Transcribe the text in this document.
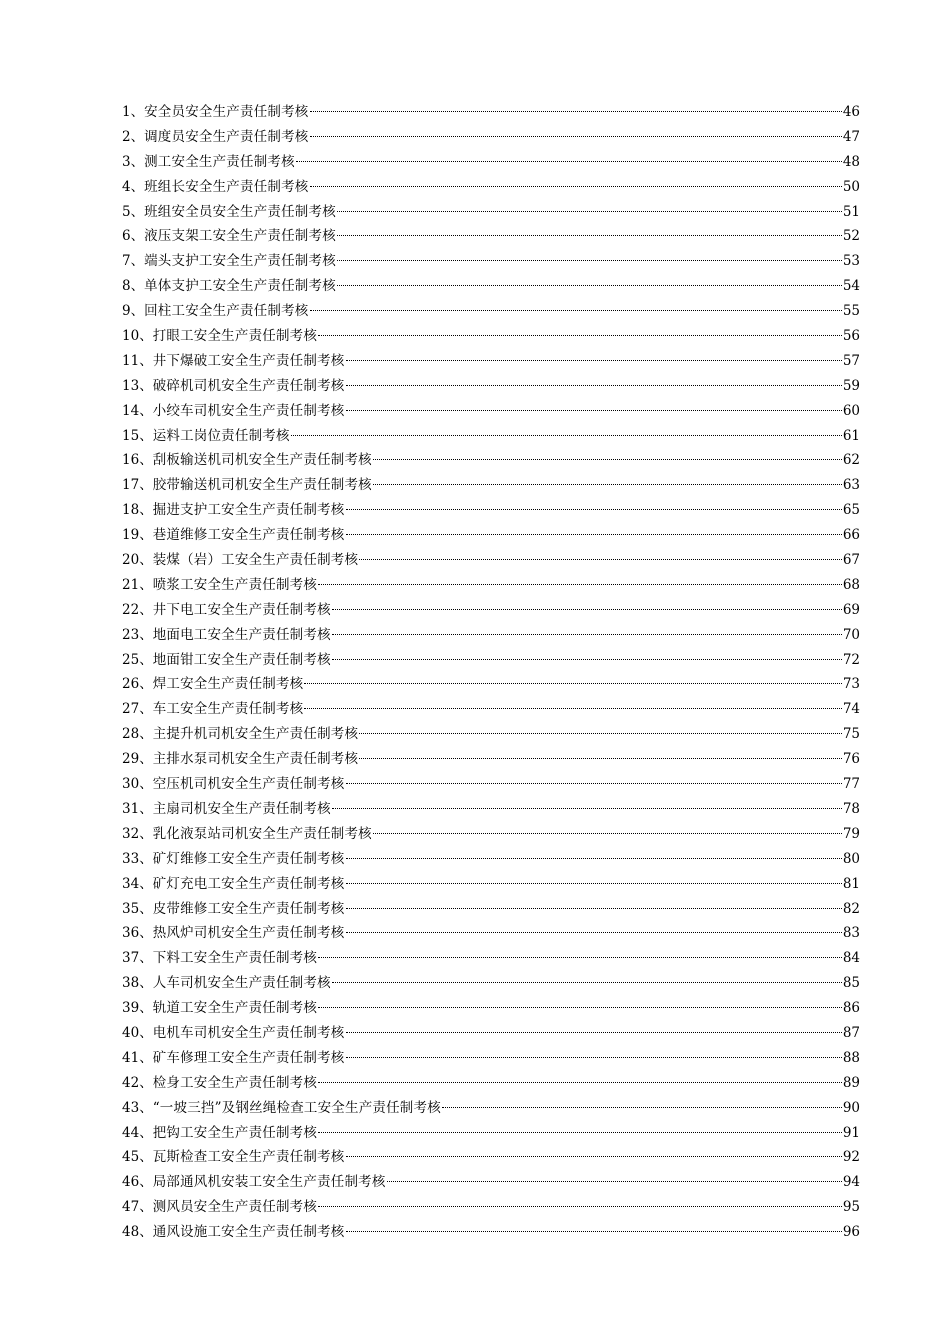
1 、 安全员安全生产责任制考核	46
2 、 调度员安全生产责任制考核	47
3 、 测工安全生产责任制考核	48
4 、 班组长安全生产责任制考核	50
5 、 班组安全员安全生产责任制考核	51
6 、 液压支架工安全生产责任制考核	52
7 、 端头支护工安全生产责任制考核	53
8 、 单体支护工安全生产责任制考核	54
9 、 回柱工安全生产责任制考核	55
10 、 打眼工安全生产责任制考核	56
11 、 井下爆破工安全生产责任制考核	57
13 、 破碎机司机安全生产责任制考核	59
14 、 小绞车司机安全生产责任制考核	60
15 、 运料工岗位责任制考核	61
16 、 刮板输送机司机安全生产责任制考核	62
17 、 胶带输送机司机安全生产责任制考核	63
18 、 掘进支护工安全生产责任制考核	65
19 、 巷道维修工安全生产责任制考核	66
20 、 装煤（岩）工安全生产责任制考核	67
21 、 喷浆工安全生产责任制考核	68
22 、 井下电工安全生产责任制考核	69
23 、 地面电工安全生产责任制考核	70
25 、 地面钳工安全生产责任制考核	72
26 、 焊工安全生产责任制考核	73
27 、 车工安全生产责任制考核	74
28 、 主提升机司机安全生产责任制考核	75
29 、 主排水泵司机安全生产责任制考核	76
30 、 空压机司机安全生产责任制考核	77
31 、 主扇司机安全生产责任制考核	78
32 、 乳化液泵站司机安全生产责任制考核	79
33 、 矿灯维修工安全生产责任制考核	80
34 、 矿灯充电工安全生产责任制考核	81
35 、 皮带维修工安全生产责任制考核	82
36 、 热风炉司机安全生产责任制考核	83
37 、 下料工安全生产责任制考核	84
38 、 人车司机安全生产责任制考核	85
39 、 轨道工安全生产责任制考核	86
40 、 电机车司机安全生产责任制考核	87
41 、 矿车修理工安全生产责任制考核	88
42 、 检身工安全生产责任制考核	89
43 、 “一坡三挡”及钢丝绳检查工安全生产责任制考核	90
44 、 把钩工安全生产责任制考核	91
45 、 瓦斯检查工安全生产责任制考核	92
46 、 局部通风机安装工安全生产责任制考核	94
47 、 测风员安全生产责任制考核	95
48 、 通风设施工安全生产责任制考核	96
